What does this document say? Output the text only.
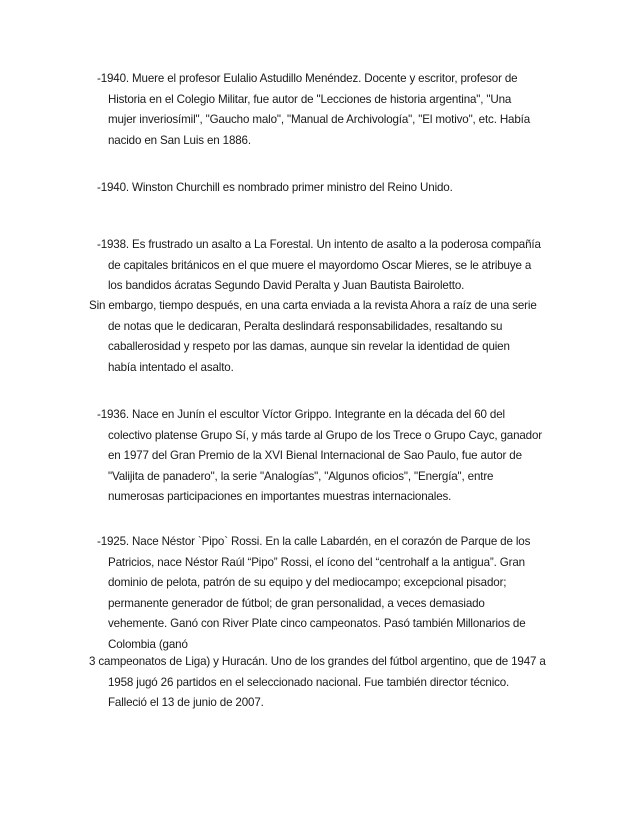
-1940. Muere el profesor Eulalio Astudillo Menéndez. Docente y escritor, profesor de
Historia en el Colegio Militar, fue autor de "Lecciones de historia argentina", "Una
mujer inveriosímil", "Gaucho malo", "Manual de Archivología", "El motivo", etc. Había
nacido en San Luis en 1886.

-1940. Winston Churchill es nombrado primer ministro del Reino Unido.

-1938. Es frustrado un asalto a La Forestal. Un intento de asalto a la poderosa compañía
de capitales británicos en el que muere el mayordomo Oscar Mieres, se le atribuye a
los bandidos ácratas Segundo David Peralta y Juan Bautista Bairoletto.

Sin embargo, tiempo después, en una carta enviada a la revista Ahora a raíz de una serie
de notas que le dedicaran, Peralta deslindará responsabilidades, resaltando su
caballerosidad y respeto por las damas, aunque sin revelar la identidad de quien
había intentado el asalto.

-1936. Nace en Junín el escultor Víctor Grippo. Integrante en la década del 60 del
colectivo platense Grupo Sí, y más tarde al Grupo de los Trece o Grupo Cayc, ganador
en 1977 del Gran Premio de la XVI Bienal Internacional de Sao Paulo, fue autor de
"Valijita de panadero", la serie "Analogías", "Algunos oficios", "Energía", entre
numerosas participaciones en importantes muestras internacionales.

-1925. Nace Néstor `Pipo` Rossi. En la calle Labardén, en el corazón de Parque de los
Patricios, nace Néstor Raúl “Pipo” Rossi, el ícono del “centrohalf a la antigua”. Gran
dominio de pelota, patrón de su equipo y del mediocampo; excepcional pisador;
permanente generador de fútbol; de gran personalidad, a veces demasiado
vehemente. Ganó con River Plate cinco campeonatos. Pasó también Millonarios de
Colombia (ganó

3 campeonatos de Liga) y Huracán. Uno de los grandes del fútbol argentino, que de 1947 a
1958 jugó 26 partidos en el seleccionado nacional. Fue también director técnico.
Falleció el 13 de junio de 2007.
